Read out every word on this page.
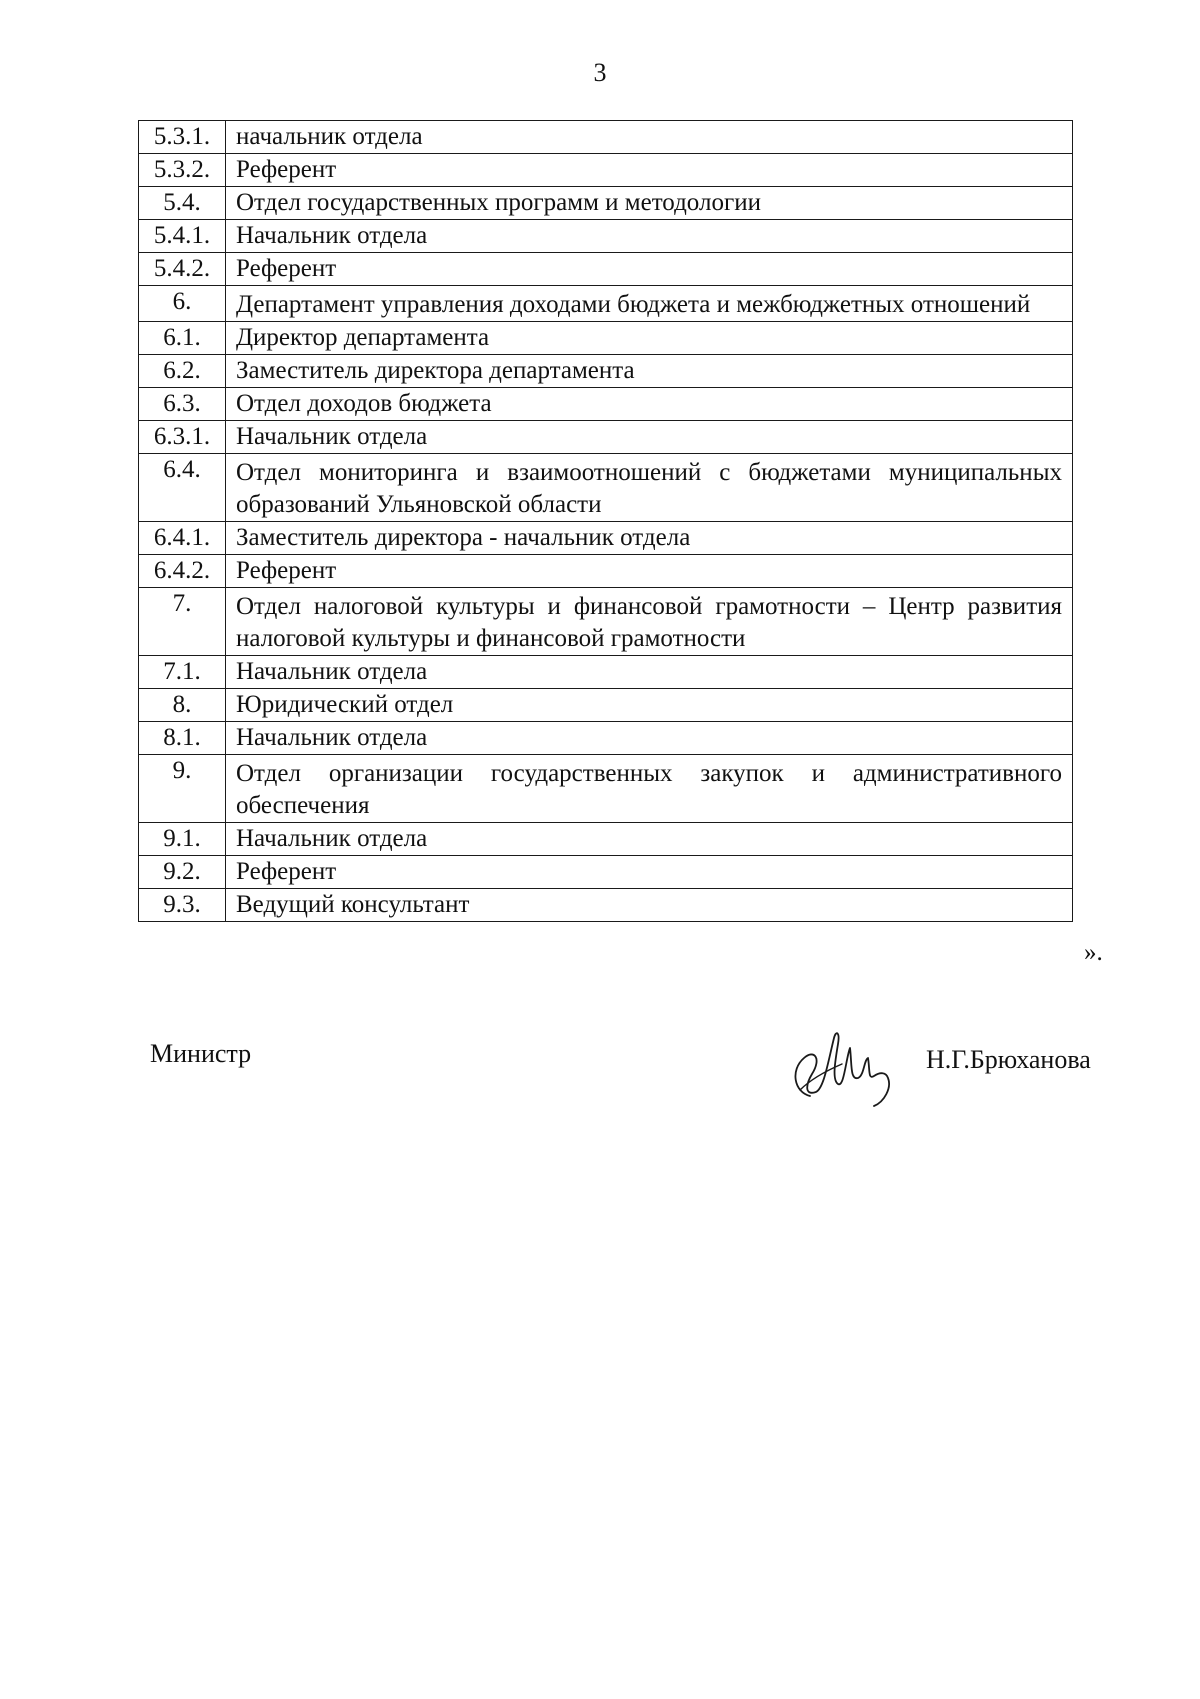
3
5.3.1.	начальник отдела
5.3.2.	Референт
5.4.	Отдел государственных программ и методологии
5.4.1.	Начальник отдела
5.4.2.	Референт
6.	Департамент управления доходами бюджета и межбюджетных отношений
6.1.	Директор департамента
6.2.	Заместитель директора департамента
6.3.	Отдел доходов бюджета
6.3.1.	Начальник отдела
6.4.	Отдел мониторинга и взаимоотношений с бюджетами муниципальных образований Ульяновской области
6.4.1.	Заместитель директора - начальник отдела
6.4.2.	Референт
7.	Отдел налоговой культуры и финансовой грамотности – Центр развития налоговой культуры и финансовой грамотности
7.1.	Начальник отдела
8.	Юридический отдел
8.1.	Начальник отдела
9.	Отдел организации государственных закупок и административного обеспечения
9.1.	Начальник отдела
9.2.	Референт
9.3.	Ведущий консультант
».
Министр	Н.Г.Брюханова
